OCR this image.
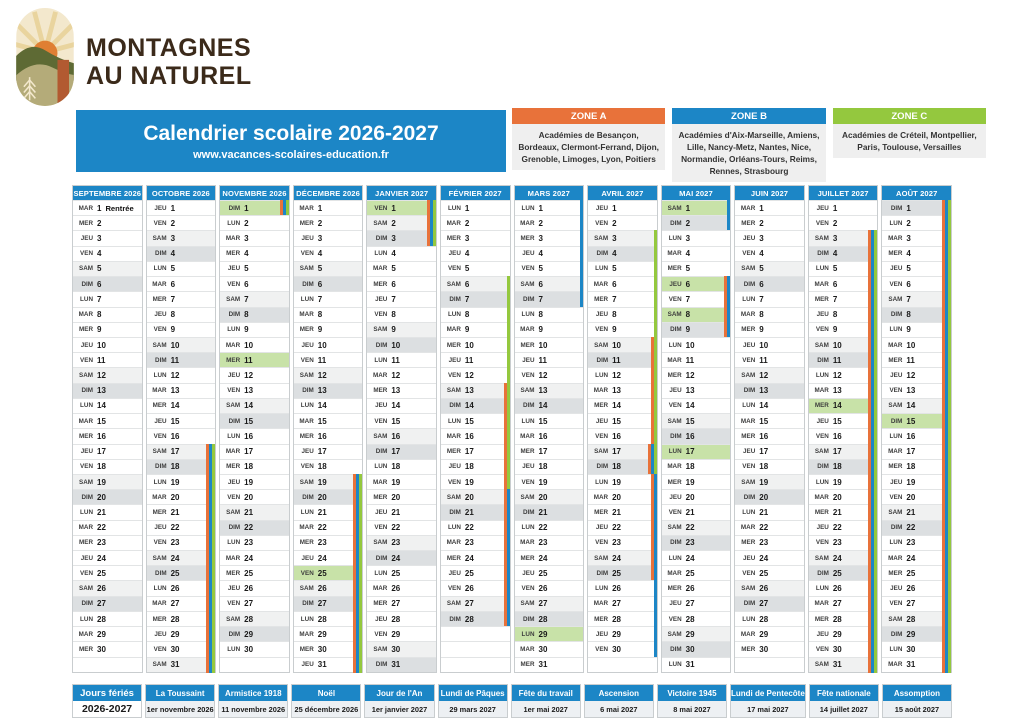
MONTAGNES
AU NATUREL
Calendrier scolaire 2026-2027
www.vacances-scolaires-education.fr
ZONE A
Académies de Besançon, Bordeaux, Clermont-Ferrand, Dijon, Grenoble, Limoges, Lyon, Poitiers
ZONE B
Académies d'Aix-Marseille, Amiens, Lille, Nancy-Metz, Nantes, Nice, Normandie, Orléans-Tours, Reims, Rennes, Strasbourg
ZONE C
Académies de Créteil, Montpellier, Paris, Toulouse, Versailles
SEPTEMBRE 2026
MAR 1 Rentrée
MER 2
JEU 3
VEN 4
SAM 5
DIM 6
LUN 7
MAR 8
MER 9
JEU 10
VEN 11
SAM 12
DIM 13
LUN 14
MAR 15
MER 16
JEU 17
VEN 18
SAM 19
DIM 20
LUN 21
MAR 22
MER 23
JEU 24
VEN 25
SAM 26
DIM 27
LUN 28
MAR 29
MER 30
OCTOBRE 2026
JEU 1
VEN 2
SAM 3
DIM 4
LUN 5
MAR 6
MER 7
JEU 8
VEN 9
SAM 10
DIM 11
LUN 12
MAR 13
MER 14
JEU 15
VEN 16
SAM 17
DIM 18
LUN 19
MAR 20
MER 21
JEU 22
VEN 23
SAM 24
DIM 25
LUN 26
MAR 27
MER 28
JEU 29
VEN 30
SAM 31
NOVEMBRE 2026
DIM 1
LUN 2
MAR 3
MER 4
JEU 5
VEN 6
SAM 7
DIM 8
LUN 9
MAR 10
MER 11
JEU 12
VEN 13
SAM 14
DIM 15
LUN 16
MAR 17
MER 18
JEU 19
VEN 20
SAM 21
DIM 22
LUN 23
MAR 24
MER 25
JEU 26
VEN 27
SAM 28
DIM 29
LUN 30
DÉCEMBRE 2026
MAR 1
MER 2
JEU 3
VEN 4
SAM 5
DIM 6
LUN 7
MAR 8
MER 9
JEU 10
VEN 11
SAM 12
DIM 13
LUN 14
MAR 15
MER 16
JEU 17
VEN 18
SAM 19
DIM 20
LUN 21
MAR 22
MER 23
JEU 24
VEN 25
SAM 26
DIM 27
LUN 28
MAR 29
MER 30
JEU 31
JANVIER 2027
VEN 1
SAM 2
DIM 3
LUN 4
MAR 5
MER 6
JEU 7
VEN 8
SAM 9
DIM 10
LUN 11
MAR 12
MER 13
JEU 14
VEN 15
SAM 16
DIM 17
LUN 18
MAR 19
MER 20
JEU 21
VEN 22
SAM 23
DIM 24
LUN 25
MAR 26
MER 27
JEU 28
VEN 29
SAM 30
DIM 31
FÉVRIER 2027
LUN 1
MAR 2
MER 3
JEU 4
VEN 5
SAM 6
DIM 7
LUN 8
MAR 9
MER 10
JEU 11
VEN 12
SAM 13
DIM 14
LUN 15
MAR 16
MER 17
JEU 18
VEN 19
SAM 20
DIM 21
LUN 22
MAR 23
MER 24
JEU 25
VEN 26
SAM 27
DIM 28
MARS 2027
LUN 1
MAR 2
MER 3
JEU 4
VEN 5
SAM 6
DIM 7
LUN 8
MAR 9
MER 10
JEU 11
VEN 12
SAM 13
DIM 14
LUN 15
MAR 16
MER 17
JEU 18
VEN 19
SAM 20
DIM 21
LUN 22
MAR 23
MER 24
JEU 25
VEN 26
SAM 27
DIM 28
LUN 29
MAR 30
MER 31
AVRIL 2027
JEU 1
VEN 2
SAM 3
DIM 4
LUN 5
MAR 6
MER 7
JEU 8
VEN 9
SAM 10
DIM 11
LUN 12
MAR 13
MER 14
JEU 15
VEN 16
SAM 17
DIM 18
LUN 19
MAR 20
MER 21
JEU 22
VEN 23
SAM 24
DIM 25
LUN 26
MAR 27
MER 28
JEU 29
VEN 30
MAI 2027
SAM 1
DIM 2
LUN 3
MAR 4
MER 5
JEU 6
VEN 7
SAM 8
DIM 9
LUN 10
MAR 11
MER 12
JEU 13
VEN 14
SAM 15
DIM 16
LUN 17
MAR 18
MER 19
JEU 20
VEN 21
SAM 22
DIM 23
LUN 24
MAR 25
MER 26
JEU 27
VEN 28
SAM 29
DIM 30
LUN 31
JUIN 2027
MAR 1
MER 2
JEU 3
VEN 4
SAM 5
DIM 6
LUN 7
MAR 8
MER 9
JEU 10
VEN 11
SAM 12
DIM 13
LUN 14
MAR 15
MER 16
JEU 17
VEN 18
SAM 19
DIM 20
LUN 21
MAR 22
MER 23
JEU 24
VEN 25
SAM 26
DIM 27
LUN 28
MAR 29
MER 30
JUILLET 2027
JEU 1
VEN 2
SAM 3
DIM 4
LUN 5
MAR 6
MER 7
JEU 8
VEN 9
SAM 10
DIM 11
LUN 12
MAR 13
MER 14
JEU 15
VEN 16
SAM 17
DIM 18
LUN 19
MAR 20
MER 21
JEU 22
VEN 23
SAM 24
DIM 25
LUN 26
MAR 27
MER 28
JEU 29
VEN 30
SAM 31
AOÛT 2027
DIM 1
LUN 2
MAR 3
MER 4
JEU 5
VEN 6
SAM 7
DIM 8
LUN 9
MAR 10
MER 11
JEU 12
VEN 13
SAM 14
DIM 15
LUN 16
MAR 17
MER 18
JEU 19
VEN 20
SAM 21
DIM 22
LUN 23
MAR 24
MER 25
JEU 26
VEN 27
SAM 28
DIM 29
LUN 30
MAR 31
Jours fériés
2026-2027
La Toussaint
1er novembre 2026
Armistice 1918
11 novembre 2026
Noël
25 décembre 2026
Jour de l'An
1er janvier 2027
Lundi de Pâques
29 mars 2027
Fête du travail
1er mai 2027
Ascension
6 mai 2027
Victoire 1945
8 mai 2027
Lundi de Pentecôte
17 mai 2027
Fête nationale
14 juillet 2027
Assomption
15 août 2027
